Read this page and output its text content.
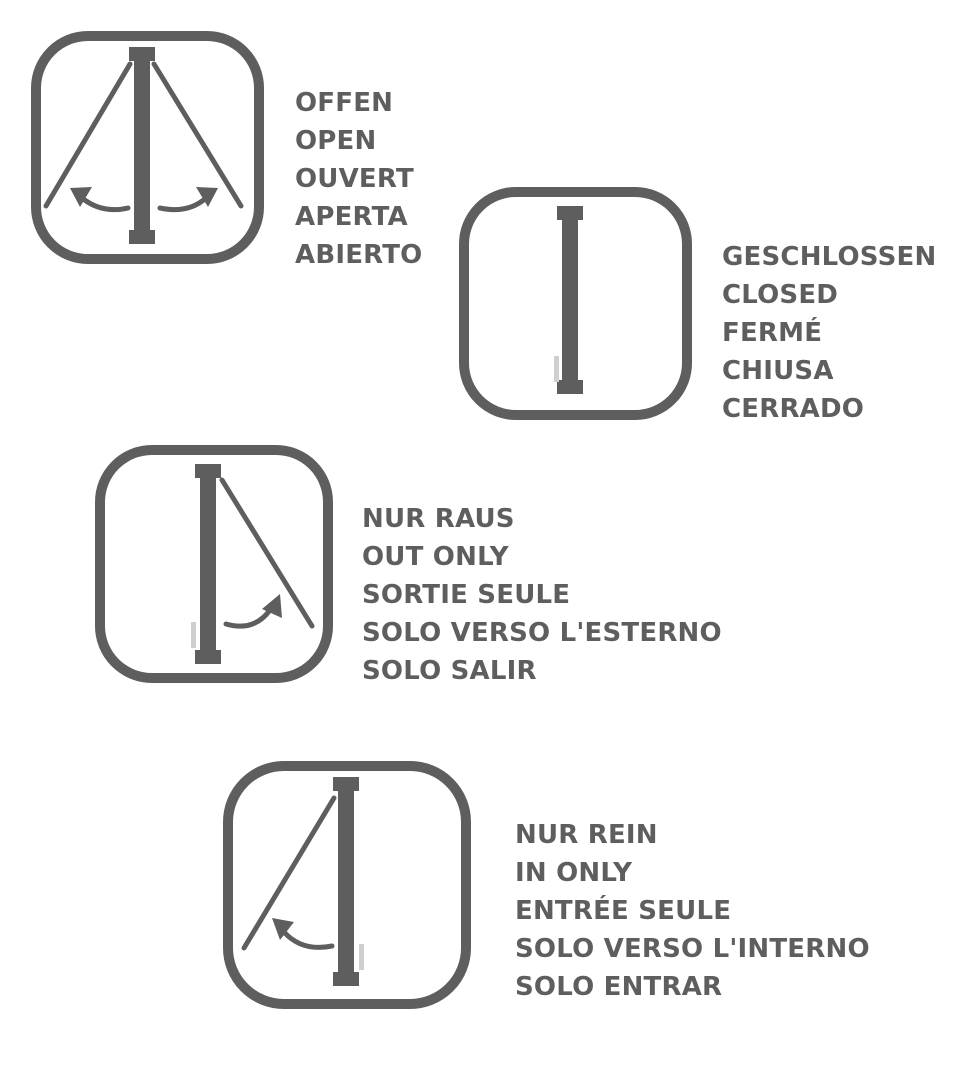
OFFEN
OPEN
OUVERT
APERTA
ABIERTO	GESCHLOSSEN
CLOSED
FERMÉ
CHIUSA
CERRADO
NUR RAUS
OUT ONLY
SORTIE SEULE
SOLO VERSO L'ESTERNO
SOLO SALIR
NUR REIN
IN ONLY
ENTRÉE SEULE
SOLO VERSO L'INTERNO
SOLO ENTRAR
